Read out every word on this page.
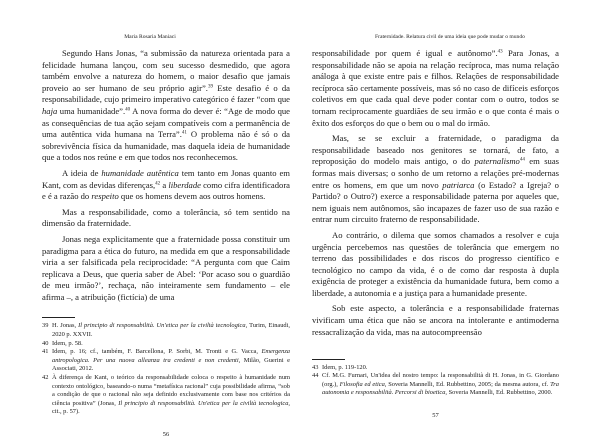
Maria Rosaria Maniaci

Segundo Hans Jonas, “a submissão da natureza orientada para a felicidade humana lançou, com seu sucesso desmedido, que agora também envolve a natureza do homem, o maior desafio que jamais proveio ao ser humano de seu próprio agir”.$^{39}$ Este desafio é o da responsabilidade, cujo primeiro imperativo categórico é fazer “com que haja uma humanidade”.$^{40}$ A nova forma do dever é: “Age de modo que as consequências de tua ação sejam compatíveis com a permanência de uma autêntica vida humana na Terra”.$^{41}$ O problema não é só o da sobrevivência física da humanidade, mas daquela ideia de humanidade que a todos nos reúne e em que todos nos reconhecemos.

A ideia de humanidade autêntica tem tanto em Jonas quanto em Kant, com as devidas diferenças,$^{42}$ a liberdade como cifra identificadora e é a razão do respeito que os homens devem aos outros homens.

Mas a responsabilidade, como a tolerância, só tem sentido na dimensão da fraternidade.

Jonas nega explicitamente que a fraternidade possa constituir um paradigma para a ética do futuro, na medida em que a responsabilidade viria a ser falsificada pela reciprocidade: “A pergunta com que Caim replicava a Deus, que queria saber de Abel: ‘Por acaso sou o guardião de meu irmão?’, rechaça, não inteiramente sem fundamento – ele afirma –, a atribuição (fictícia) de uma

39 H. Jonas, Il principio di responsabilità. Un'etica per la civiltà tecnologica, Turim, Einaudi, 2020 p. XXVII.

40 Idem, p. 58.

41 Idem, p. 16; cf., também, F. Barcellona, P. Sorbi, M. Tronti e G. Vacca, Emergenza antropologica. Per una nuova alleanza tra credenti e non credenti, Milão, Guerini e Associati, 2012.

42 À diferença de Kant, o teórico da responsabilidade coloca o respeito à humanidade num contexto ontológico, baseando-o numa “metafísica racional” cuja possibilidade afirma, “sob a condição de que o racional não seja definido exclusivamente com base nos critérios da ciência positiva” (Jonas, Il principio di responsabilità. Un'etica per la civiltà tecnologica, cit., p. 57).

56
Fraternidade. Relatura civil de uma ideia que pode mudar o mundo

responsabilidade por quem é igual e autônomo”.$^{43}$ Para Jonas, a responsabilidade não se apoia na relação recíproca, mas numa relação análoga à que existe entre pais e filhos. Relações de responsabilidade recíproca são certamente possíveis, mas só no caso de difíceis esforços coletivos em que cada qual deve poder contar com o outro, todos se tornam reciprocamente guardiães de seu irmão e o que conta é mais o êxito dos esforços do que o bem ou o mal do irmão.

Mas, se se excluir a fraternidade, o paradigma da responsabilidade baseado nos genitores se tornará, de fato, a reproposição do modelo mais antigo, o do paternalismo$^{44}$ em suas formas mais diversas; o sonho de um retorno a relações pré-modernas entre os homens, em que um novo patriarca (o Estado? a Igreja? o Partido? o Outro?) exerce a responsabilidade paterna por aqueles que, nem iguais nem autônomos, são incapazes de fazer uso de sua razão e entrar num circuito fraterno de responsabilidade.

Ao contrário, o dilema que somos chamados a resolver e cuja urgência percebemos nas questões de tolerância que emergem no terreno das possibilidades e dos riscos do progresso científico e tecnológico no campo da vida, é o de como dar resposta à dupla exigência de proteger a existência da humanidade futura, bem como a liberdade, a autonomia e a justiça para a humanidade presente.

Sob este aspecto, a tolerância e a responsabilidade fraternas vivificam uma ética que não se ancora na intolerante e antimoderna ressacralização da vida, mas na autocompreensão

43 Idem, p. 119-120.

44 Cf. M.G. Furnari, Un'idea del nostro tempo: la responsabilità di H. Jonas, in G. Giordano (org.), Filosofia ed etica, Soveria Mannelli, Ed. Rubbettino, 2005; da mesma autora, cf. Tra autonomia e responsabilità. Percorsi di bioetica, Soveria Mannelli, Ed. Rubbettino, 2000.

57
